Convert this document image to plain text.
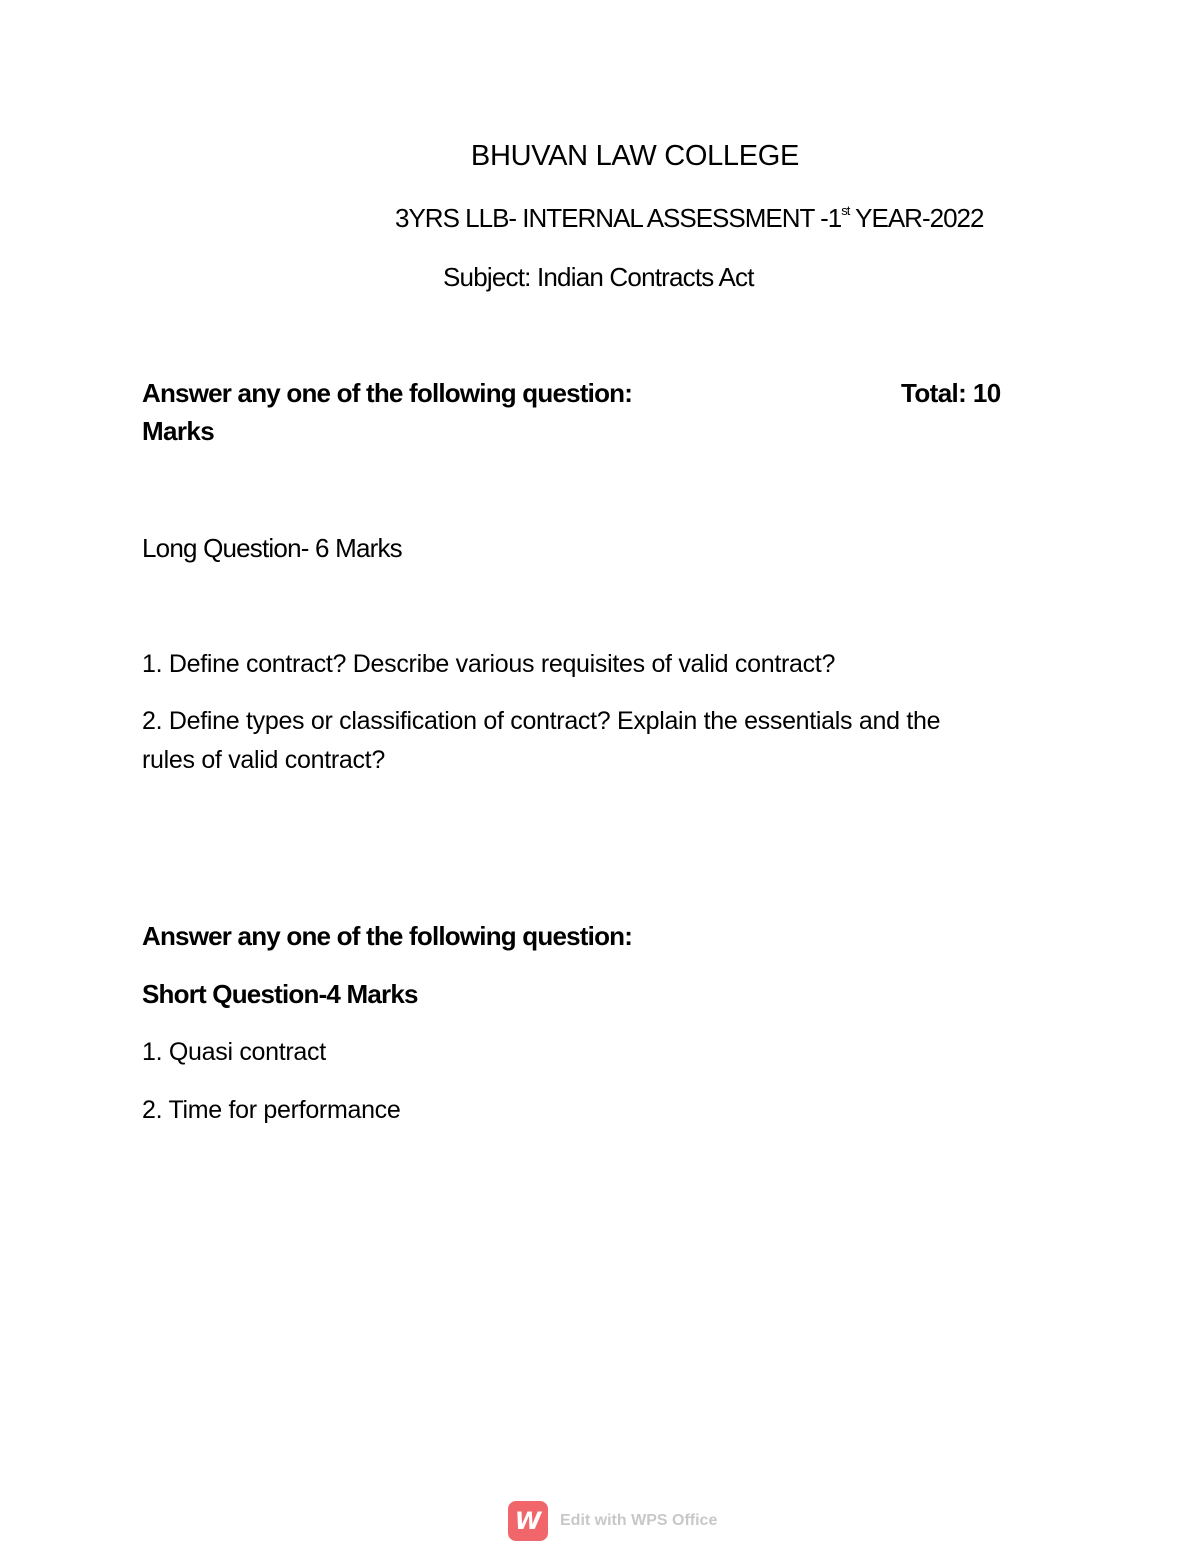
BHUVAN LAW COLLEGE
3YRS LLB- INTERNAL ASSESSMENT -1st YEAR-2022
Subject: Indian Contracts Act
Answer any one of the following question:	Total: 10
Marks
Long Question- 6 Marks
1. Define contract? Describe various requisites of valid contract?
2. Define types or classification of contract? Explain the essentials and the
rules of valid contract?
Answer any one of the following question:
Short Question-4 Marks
1. Quasi contract
2. Time for performance
W	Edit with WPS Office
